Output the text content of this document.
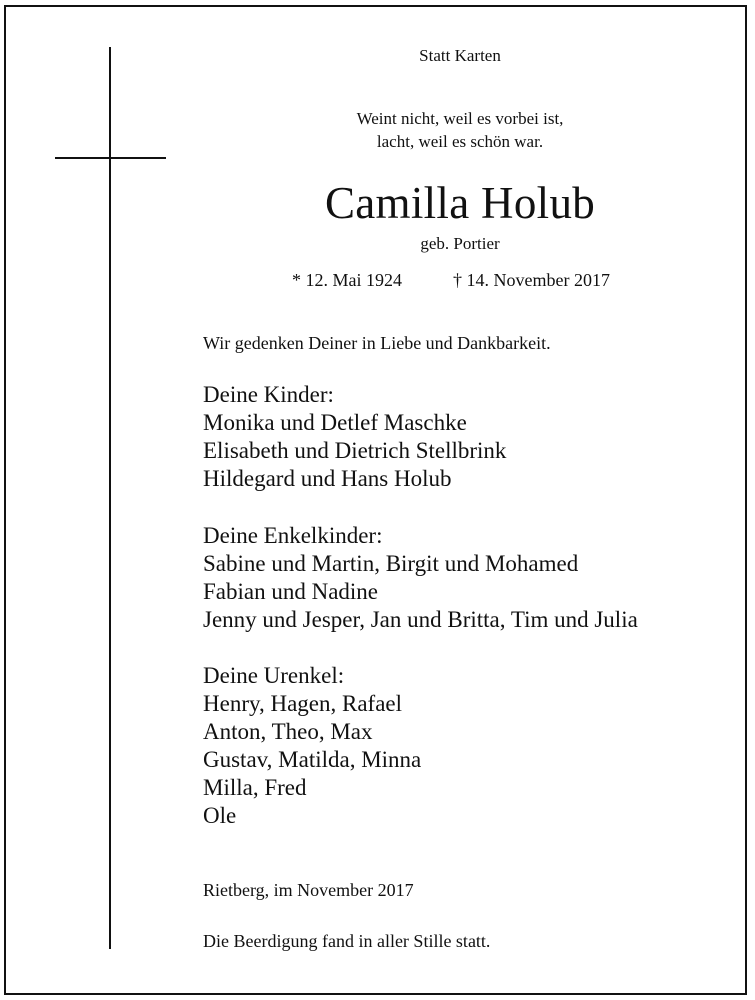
Statt Karten
Weint nicht, weil es vorbei ist,
lacht, weil es schön war.
Camilla Holub
geb. Portier
* 12. Mai 1924	† 14. November 2017
Wir gedenken Deiner in Liebe und Dankbarkeit.
Deine Kinder:
Monika und Detlef Maschke
Elisabeth und Dietrich Stellbrink
Hildegard und Hans Holub
Deine Enkelkinder:
Sabine und Martin, Birgit und Mohamed
Fabian und Nadine
Jenny und Jesper, Jan und Britta, Tim und Julia
Deine Urenkel:
Henry, Hagen, Rafael
Anton, Theo, Max
Gustav, Matilda, Minna
Milla, Fred
Ole
Rietberg, im November 2017
Die Beerdigung fand in aller Stille statt.
